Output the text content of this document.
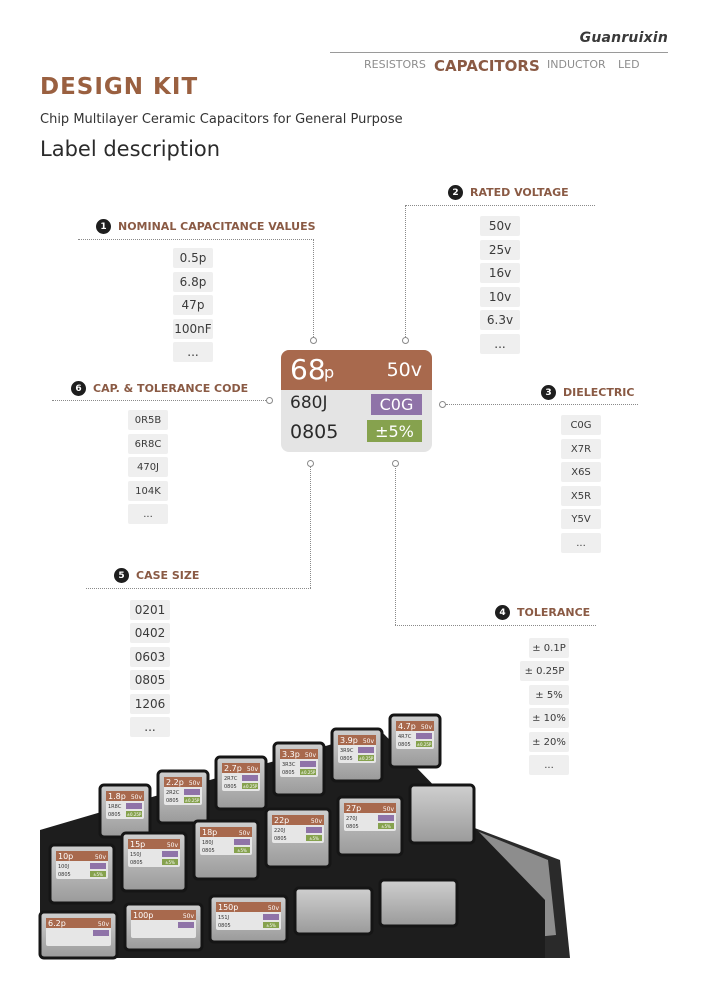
Guanruixin
RESISTORS CAPACITORS INDUCTOR LED
DESIGN KIT
Chip Multilayer Ceramic Capacitors for General Purpose
Label description
1	NOMINAL CAPACITANCE VALUES
0.5p
6.8p
47p
100nF
...
2	RATED VOLTAGE
50v
25v
16v
10v
6.3v
...
6	CAP. & TOLERANCE CODE
0R5B
6R8C
470J
104K
...
3	DIELECTRIC
C0G
X7R
X6S
X5R
Y5V
...
5	CASE SIZE
0201
0402
0603
0805
1206
...
4	TOLERANCE
± 0.1P
± 0.25P
± 5%
± 10%
± 20%
...
68
p	50v
680J	C0G
0805	±5%
1.8p 50v
1R8C
0805 ±0.25P
2.2p 50v
2R2C
0805 ±0.25P
2.7p 50v
2R7C
0805 ±0.25P
3.3p 50v
3R3C
0805 ±0.25P
3.9p 50v
3R9C
0805 ±0.25P
4.7p 50v
4R7C
0805 ±0.25P
10p	50v
100J
0805	±5%
15p	50v
150J
0805	±5%
18p	50v
180J
0805	±5%
22p	50v
220J
0805	±5%
27p	50v
270J
0805	±5%
6.2p	50v
100p	50v
150p	50v
151J
0805	±5%
